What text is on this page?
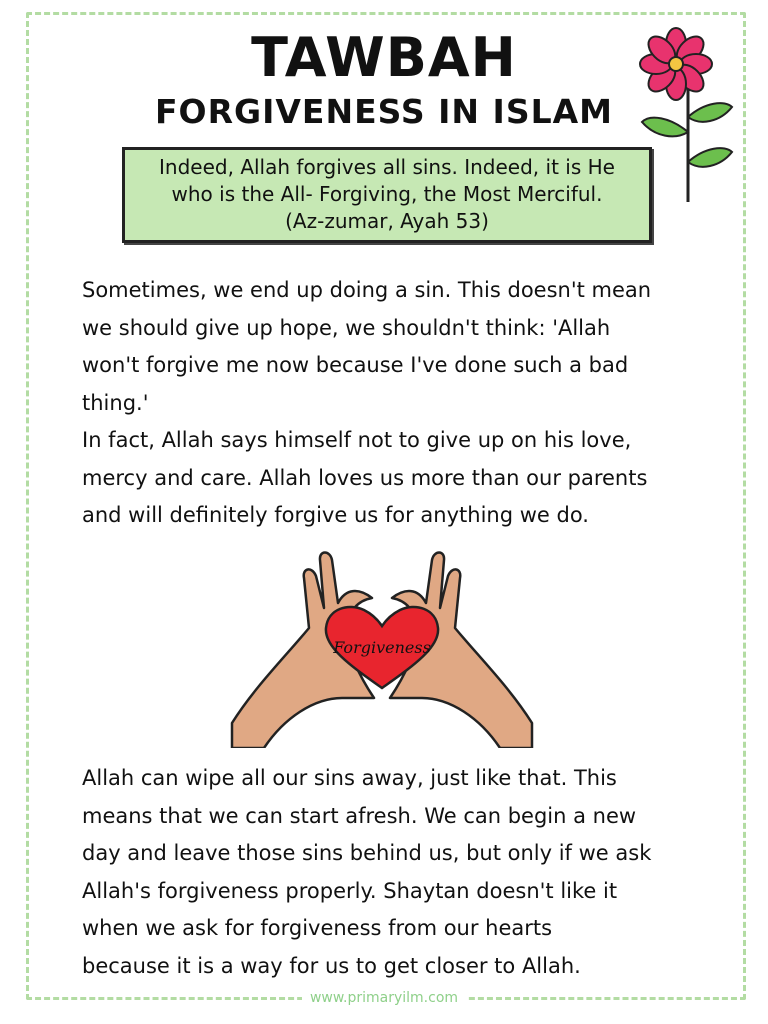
TAWBAH
FORGIVENESS IN ISLAM
Indeed, Allah forgives all sins. Indeed, it is He
who is the All- Forgiving, the Most Merciful.
(Az-zumar, Ayah 53)
Sometimes, we end up doing a sin. This doesn't mean
we should give up hope, we shouldn't think: 'Allah
won't forgive me now because I've done such a bad
thing.'
In fact, Allah says himself not to give up on his love,
mercy and care. Allah loves us more than our parents
and will definitely forgive us for anything we do.
Forgiveness
Allah can wipe all our sins away, just like that. This
means that we can start afresh. We can begin a new
day and leave those sins behind us, but only if we ask
Allah's forgiveness properly. Shaytan doesn't like it
when we ask for forgiveness from our hearts
because it is a way for us to get closer to Allah.

www.primaryilm.com
